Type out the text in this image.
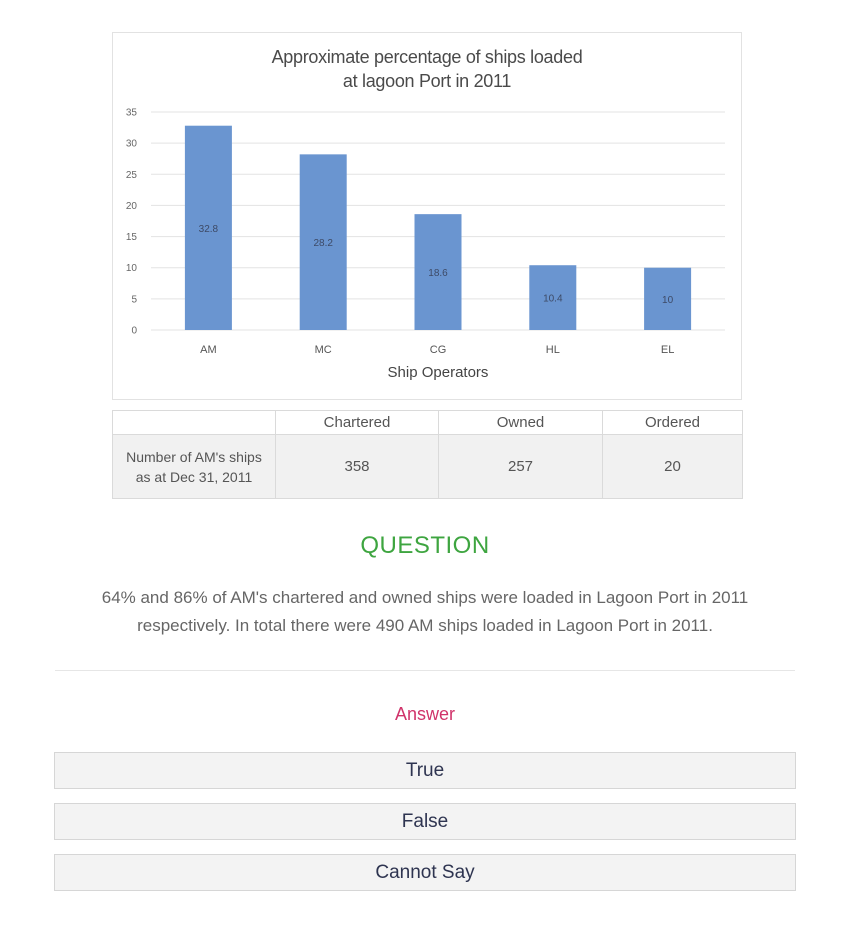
Approximate percentage of ships loaded
at lagoon Port in 2011
0
5
10
15
20
25
30
35
32.8
AM
28.2
MC
18.6
CG
10.4
HL
10
EL
Ship Operators
	Chartered	Owned	Ordered

Number of AM's ships
as at Dec 31, 2011	358	257	20
QUESTION
64% and 86% of AM's chartered and owned ships were loaded in Lagoon Port in 2011
respectively. In total there were 490 AM ships loaded in Lagoon Port in 2011.
Answer
True
False
Cannot Say
